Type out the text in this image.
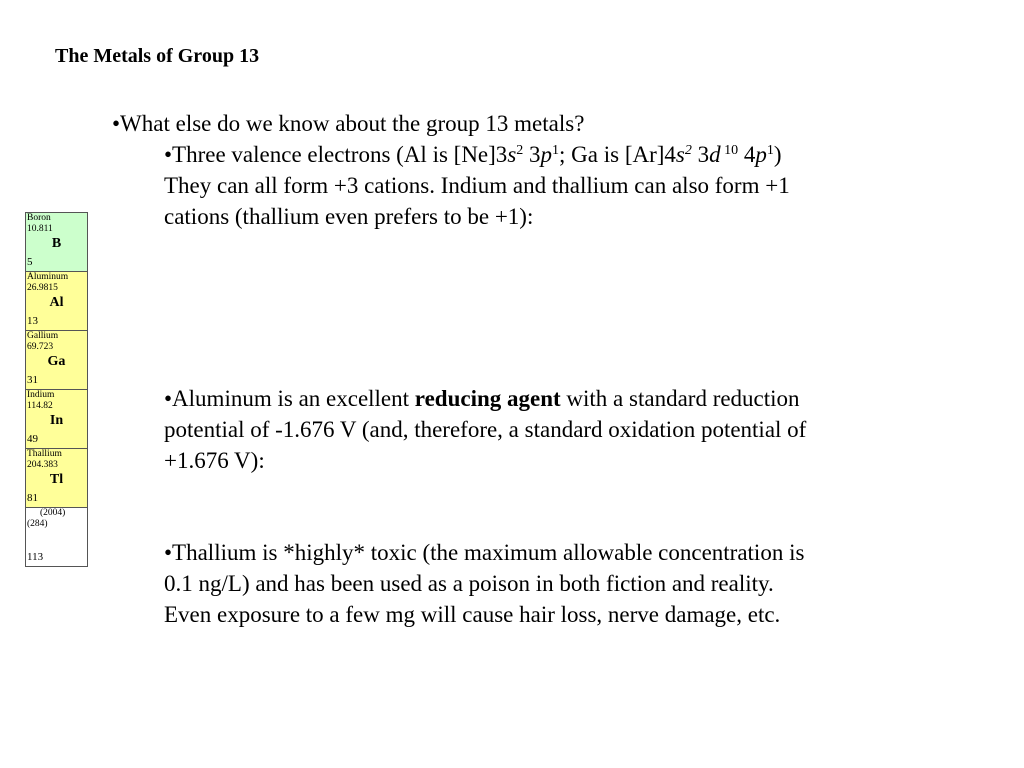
The Metals of Group 13
•What else do we know about the group 13 metals?
•Three valence electrons (Al is $[Ne]3s^2$ $3p^1$; Ga is $[Ar]4s^2$ 3d $^{10}$ $4p^1$)
They can all form +3 cations. Indium and thallium can also form +1
cations (thallium even prefers to be +1):
•Aluminum is an excellent reducing agent with a standard reduction
potential of -1.676 V (and, therefore, a standard oxidation potential of
+1.676 V):
•Thallium is *highly* toxic (the maximum allowable concentration is
0.1 ng/L) and has been used as a poison in both fiction and reality.
Even exposure to a few mg will cause hair loss, nerve damage, etc.
Boron
10.811
B
5
Aluminum
26.9815
Al
13
Gallium
69.723
Ga
31
Indium
114.82
In
49
Thallium
204.383
Tl
81
(2004)
(284)
113
